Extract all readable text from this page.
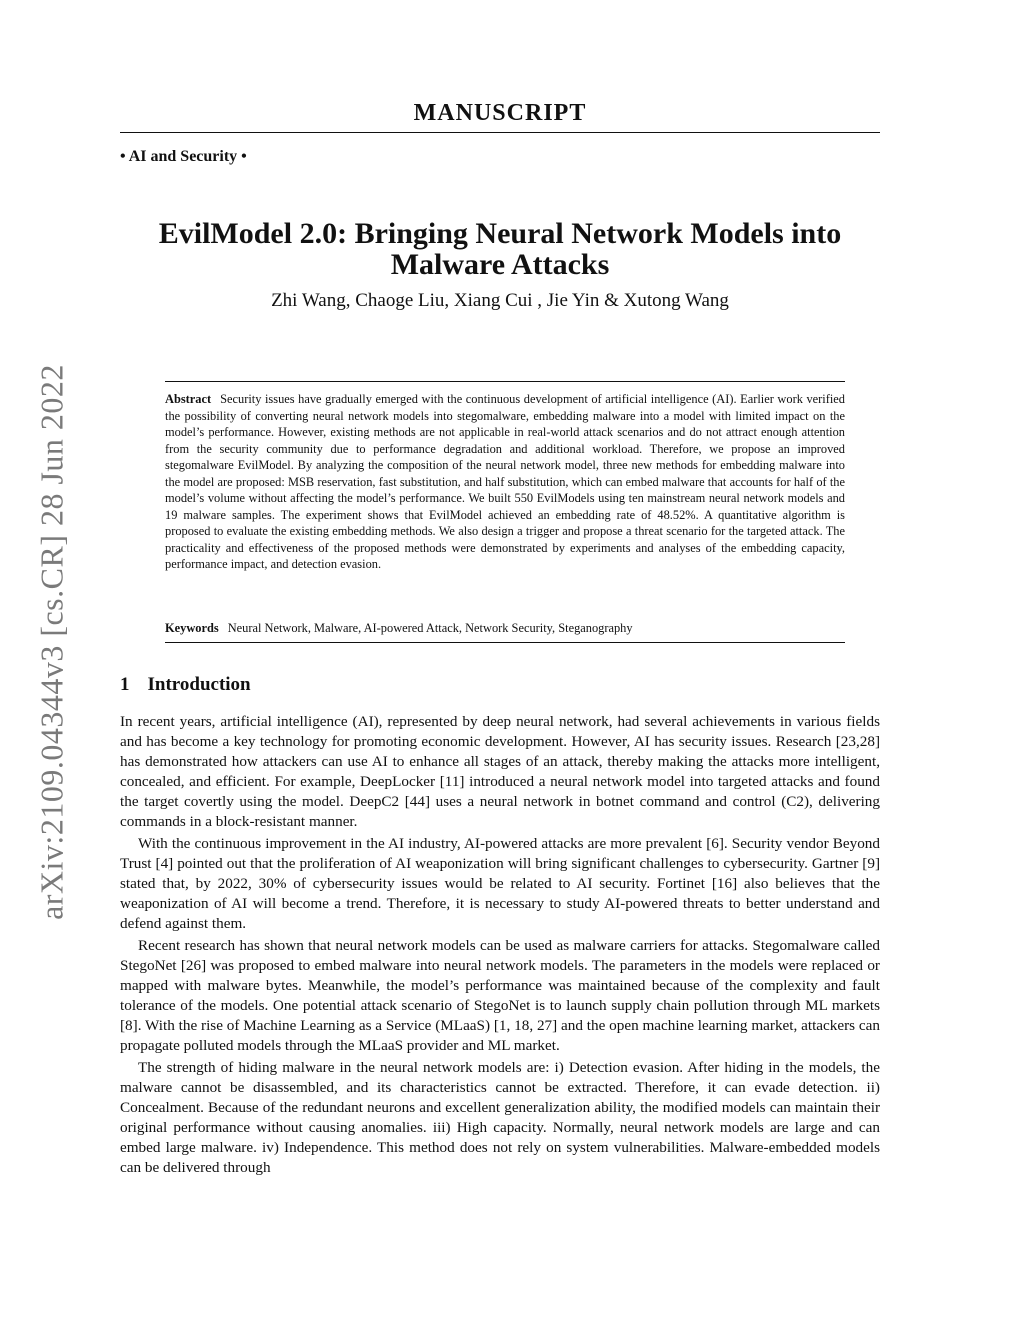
arXiv:2109.04344v3 [cs.CR] 28 Jun 2022
MANUSCRIPT
• AI and Security •
EvilModel 2.0: Bringing Neural Network Models into Malware Attacks
Zhi Wang, Chaoge Liu, Xiang Cui , Jie Yin & Xutong Wang
Abstract Security issues have gradually emerged with the continuous development of artificial intelligence (AI). Earlier work verified the possibility of converting neural network models into stegomalware, embedding malware into a model with limited impact on the model’s performance. However, existing methods are not applicable in real-world attack scenarios and do not attract enough attention from the security community due to performance degradation and additional workload. Therefore, we propose an improved stegomalware EvilModel. By analyzing the composition of the neural network model, three new methods for embedding malware into the model are proposed: MSB reservation, fast substitution, and half substitution, which can embed malware that accounts for half of the model’s volume without affecting the model’s performance. We built 550 EvilModels using ten mainstream neural network models and 19 malware samples. The experiment shows that EvilModel achieved an embedding rate of 48.52%. A quantitative algorithm is proposed to evaluate the existing embedding methods. We also design a trigger and propose a threat scenario for the targeted attack. The practicality and effectiveness of the proposed methods were demonstrated by experiments and analyses of the embedding capacity, performance impact, and detection evasion.
Keywords Neural Network, Malware, AI-powered Attack, Network Security, Steganography
1 Introduction

In recent years, artificial intelligence (AI), represented by deep neural network, had several achievements in various fields and has become a key technology for promoting economic development. However, AI has security issues. Research [23,28] has demonstrated how attackers can use AI to enhance all stages of an attack, thereby making the attacks more intelligent, concealed, and efficient. For example, DeepLocker [11] introduced a neural network model into targeted attacks and found the target covertly using the model. DeepC2 [44] uses a neural network in botnet command and control (C2), delivering commands in a block-resistant manner.

With the continuous improvement in the AI industry, AI-powered attacks are more prevalent [6]. Security vendor Beyond Trust [4] pointed out that the proliferation of AI weaponization will bring significant challenges to cybersecurity. Gartner [9] stated that, by 2022, 30% of cybersecurity issues would be related to AI security. Fortinet [16] also believes that the weaponization of AI will become a trend. Therefore, it is necessary to study AI-powered threats to better understand and defend against them.

Recent research has shown that neural network models can be used as malware carriers for attacks. Stegomalware called StegoNet [26] was proposed to embed malware into neural network models. The parameters in the models were replaced or mapped with malware bytes. Meanwhile, the model’s performance was maintained because of the complexity and fault tolerance of the models. One potential attack scenario of StegoNet is to launch supply chain pollution through ML markets [8]. With the rise of Machine Learning as a Service (MLaaS) [1, 18, 27] and the open machine learning market, attackers can propagate polluted models through the MLaaS provider and ML market.

The strength of hiding malware in the neural network models are: i) Detection evasion. After hiding in the models, the malware cannot be disassembled, and its characteristics cannot be extracted. Therefore, it can evade detection. ii) Concealment. Because of the redundant neurons and excellent generalization ability, the modified models can maintain their original performance without causing anomalies. iii) High capacity. Normally, neural network models are large and can embed large malware. iv) Independence. This method does not rely on system vulnerabilities. Malware-embedded models can be delivered through
